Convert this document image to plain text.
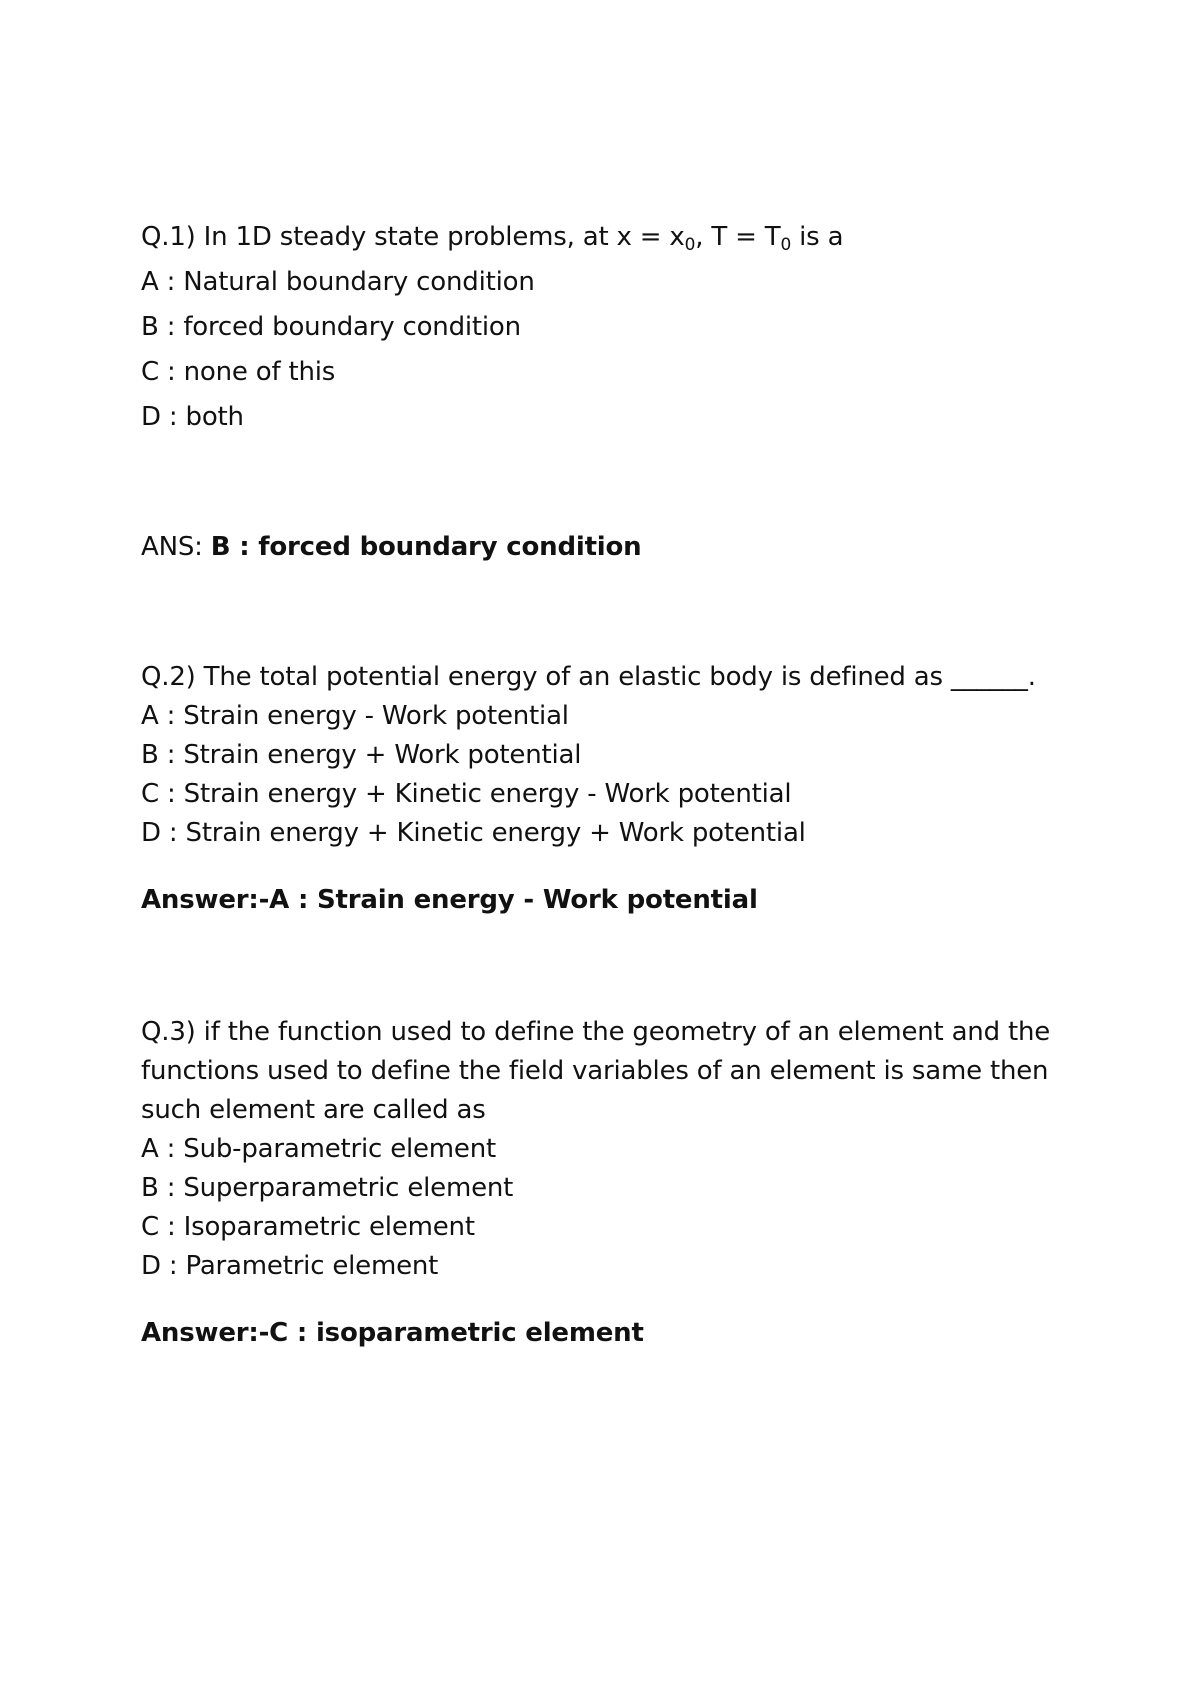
Q.1) In 1D steady state problems, at $x = x_0$, $T = T_0$ is a
A : Natural boundary condition
B : forced boundary condition
C : none of this
D : both
ANS: B : forced boundary condition
Q.2) The total potential energy of an elastic body is defined as ______.
A : Strain energy - Work potential
B : Strain energy + Work potential
C : Strain energy + Kinetic energy - Work potential
D : Strain energy + Kinetic energy + Work potential
Answer:-A : Strain energy - Work potential
Q.3) if the function used to define the geometry of an element and the
functions used to define the field variables of an element is same then
such element are called as
A : Sub-parametric element
B : Superparametric element
C : Isoparametric element
D : Parametric element
Answer:-C : isoparametric element
